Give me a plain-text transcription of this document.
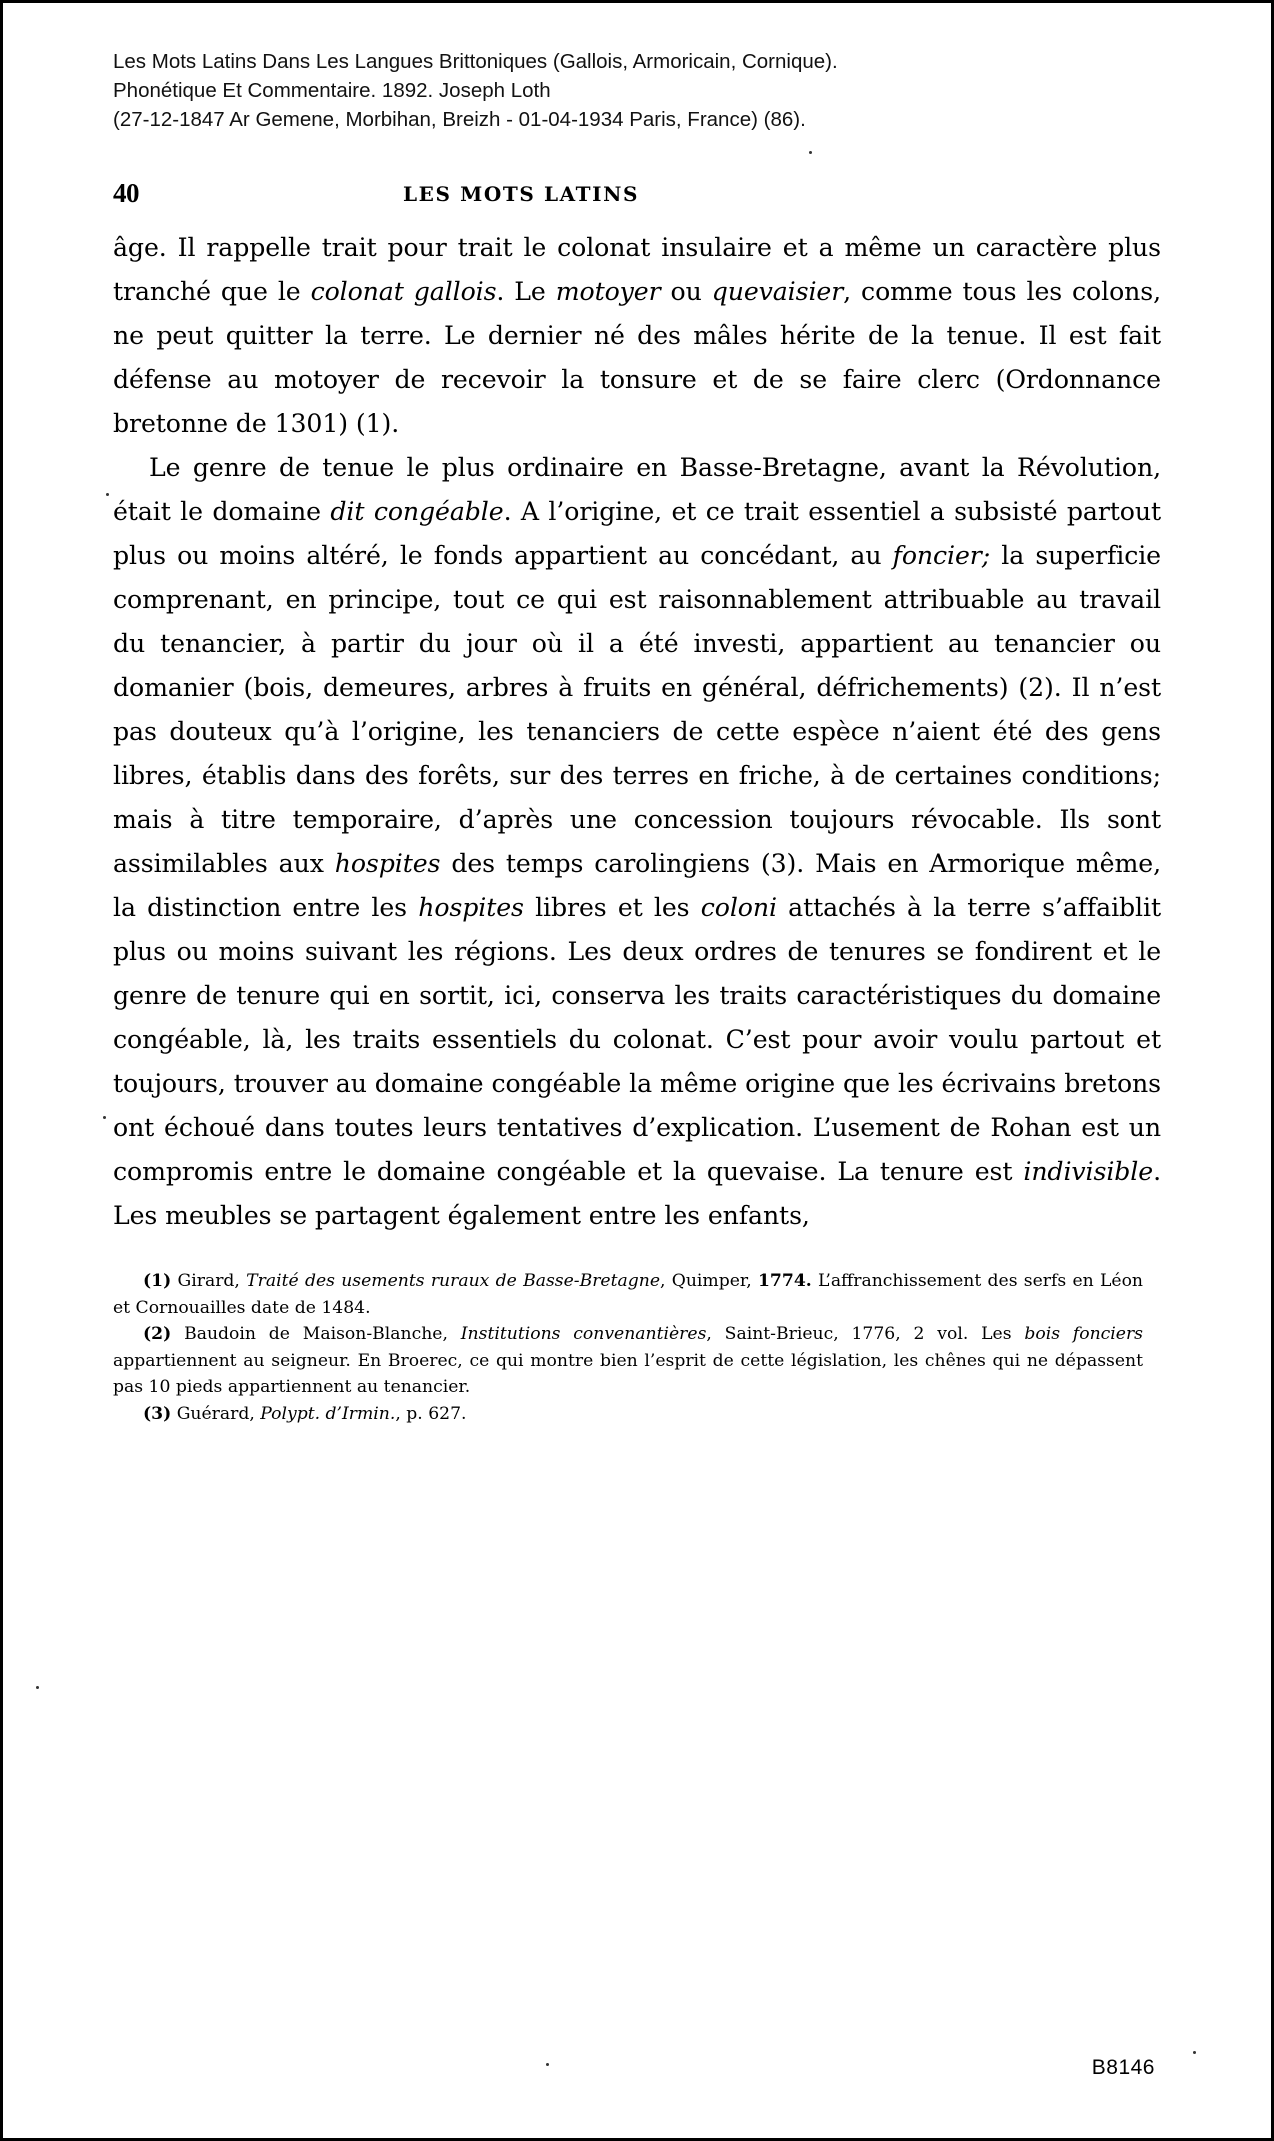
Les Mots Latins Dans Les Langues Brittoniques (Gallois, Armoricain, Cornique).
Phonétique Et Commentaire. 1892. Joseph Loth
(27-12-1847 Ar Gemene, Morbihan, Breizh - 01-04-1934 Paris, France) (86).
40	LES MOTS LATINS

âge. Il rappelle trait pour trait le colonat insulaire et a même un caractère plus tranché que le colonat gallois. Le motoyer ou quevaisier, comme tous les colons, ne peut quitter la terre. Le dernier né des mâles hérite de la tenue. Il est fait défense au motoyer de recevoir la tonsure et de se faire clerc (Ordonnance bretonne de 1301) (1).

Le genre de tenue le plus ordinaire en Basse-Bretagne, avant la Révolution, était le domaine dit congéable. A l’origine, et ce trait essentiel a subsisté partout plus ou moins altéré, le fonds appartient au concédant, au foncier; la superficie comprenant, en principe, tout ce qui est raisonnablement attribuable au travail du tenancier, à partir du jour où il a été investi, appartient au tenancier ou domanier (bois, demeures, arbres à fruits en général, défrichements) (2). Il n’est pas douteux qu’à l’origine, les tenanciers de cette espèce n’aient été des gens libres, établis dans des forêts, sur des terres en friche, à de certaines conditions; mais à titre temporaire, d’après une concession toujours révocable. Ils sont assimilables aux hospites des temps carolingiens (3). Mais en Armorique même, la distinction entre les hospites libres et les coloni attachés à la terre s’affaiblit plus ou moins suivant les régions. Les deux ordres de tenures se fondirent et le genre de tenure qui en sortit, ici, conserva les traits caractéristiques du domaine congéable, là, les traits essentiels du colonat. C’est pour avoir voulu partout et toujours, trouver au domaine congéable la même origine que les écrivains bretons ont échoué dans toutes leurs tentatives d’explication. L’usement de Rohan est un compromis entre le domaine congéable et la quevaise. La tenure est indivisible. Les meubles se partagent également entre les enfants,

(1) Girard, Traité des usements ruraux de Basse-Bretagne, Quimper, 1774. L’affranchissement des serfs en Léon et Cornouailles date de 1484.

(2) Baudoin de Maison-Blanche, Institutions convenantières, Saint-Brieuc, 1776, 2 vol. Les bois fonciers appartiennent au seigneur. En Broerec, ce qui montre bien l’esprit de cette législation, les chênes qui ne dépassent pas 10 pieds appartiennent au tenancier.

(3) Guérard, Polypt. d’Irmin., p. 627.

B8146
